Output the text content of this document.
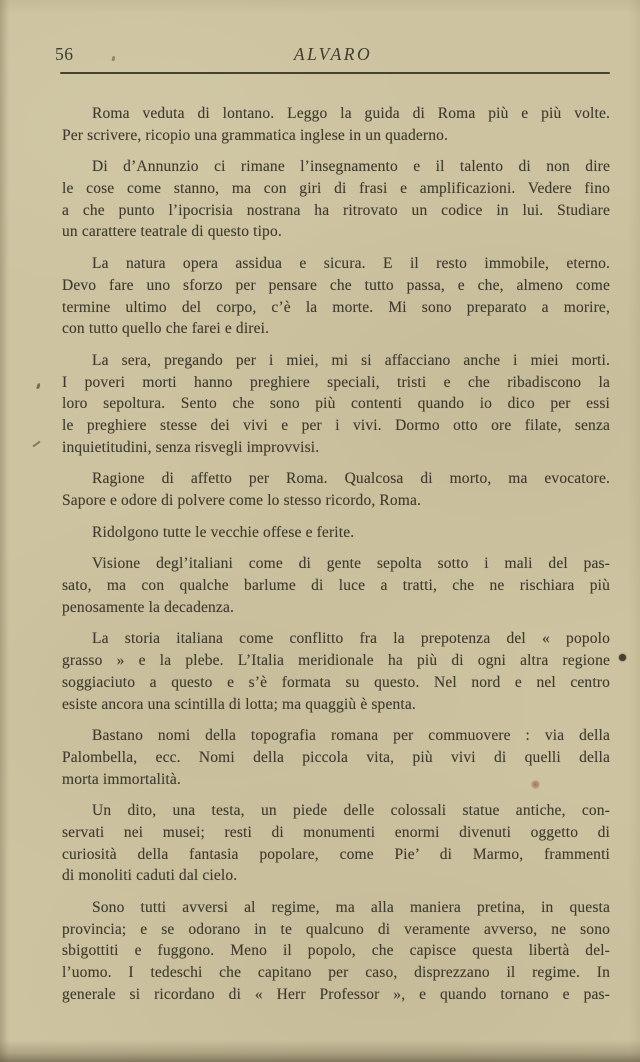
56	ALVARO
Roma veduta di lontano. Leggo la guida di Roma più e più volte.
Per scrivere, ricopio una grammatica inglese in un quaderno.
Di d’Annunzio ci rimane l’insegnamento e il talento di non dire
le cose come stanno, ma con giri di frasi e amplificazioni. Vedere fino
a che punto l’ipocrisia nostrana ha ritrovato un codice in lui. Studiare
un carattere teatrale di questo tipo.
La natura opera assidua e sicura. E il resto immobile, eterno.
Devo fare uno sforzo per pensare che tutto passa, e che, almeno come
termine ultimo del corpo, c’è la morte. Mi sono preparato a morire,
con tutto quello che farei e direi.
La sera, pregando per i miei, mi si affacciano anche i miei morti.
I poveri morti hanno preghiere speciali, tristi e che ribadiscono la
loro sepoltura. Sento che sono più contenti quando io dico per essi
le preghiere stesse dei vivi e per i vivi. Dormo otto ore filate, senza
inquietitudini, senza risvegli improvvisi.
Ragione di affetto per Roma. Qualcosa di morto, ma evocatore.
Sapore e odore di polvere come lo stesso ricordo, Roma.
Ridolgono tutte le vecchie offese e ferite.
Visione degl’italiani come di gente sepolta sotto i mali del pas-
sato, ma con qualche barlume di luce a tratti, che ne rischiara più
penosamente la decadenza.
La storia italiana come conflitto fra la prepotenza del « popolo
grasso » e la plebe. L’Italia meridionale ha più di ogni altra regione
soggiaciuto a questo e s’è formata su questo. Nel nord e nel centro
esiste ancora una scintilla di lotta; ma quaggiù è spenta.
Bastano nomi della topografia romana per commuovere : via della
Palombella, ecc. Nomi della piccola vita, più vivi di quelli della
morta immortalità.
Un dito, una testa, un piede delle colossali statue antiche, con-
servati nei musei; resti di monumenti enormi divenuti oggetto di
curiosità della fantasia popolare, come Pie’ di Marmo, frammenti
di monoliti caduti dal cielo.
Sono tutti avversi al regime, ma alla maniera pretina, in questa
provincia; e se odorano in te qualcuno di veramente avverso, ne sono
sbigottiti e fuggono. Meno il popolo, che capisce questa libertà del-
l’uomo. I tedeschi che capitano per caso, disprezzano il regime. In
generale si ricordano di « Herr Professor », e quando tornano e pas-
